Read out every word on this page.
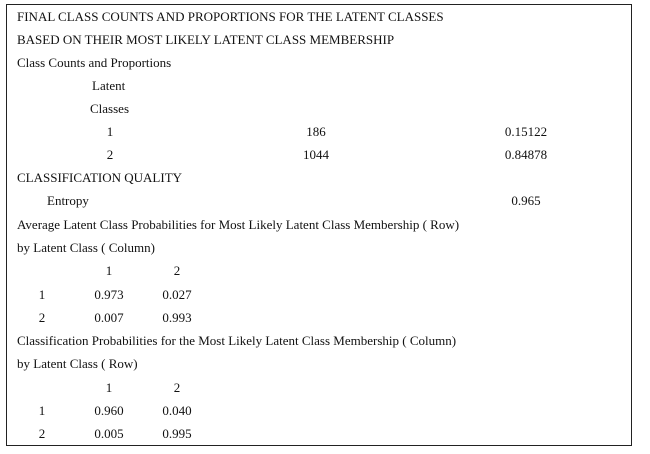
FINAL CLASS COUNTS AND PROPORTIONS FOR THE LATENT CLASSES
BASED ON THEIR MOST LIKELY LATENT CLASS MEMBERSHIP
Class Counts and Proportions
Latent
Classes
1	186	0.15122
2	1044	0.84878
CLASSIFICATION QUALITY
Entropy	0.965
Average Latent Class Probabilities for Most Likely Latent Class Membership ( Row)
by Latent Class ( Column)
1	2
1	0.973	0.027
2	0.007	0.993
Classification Probabilities for the Most Likely Latent Class Membership ( Column)
by Latent Class ( Row)
1	2
1	0.960	0.040
2	0.005	0.995
